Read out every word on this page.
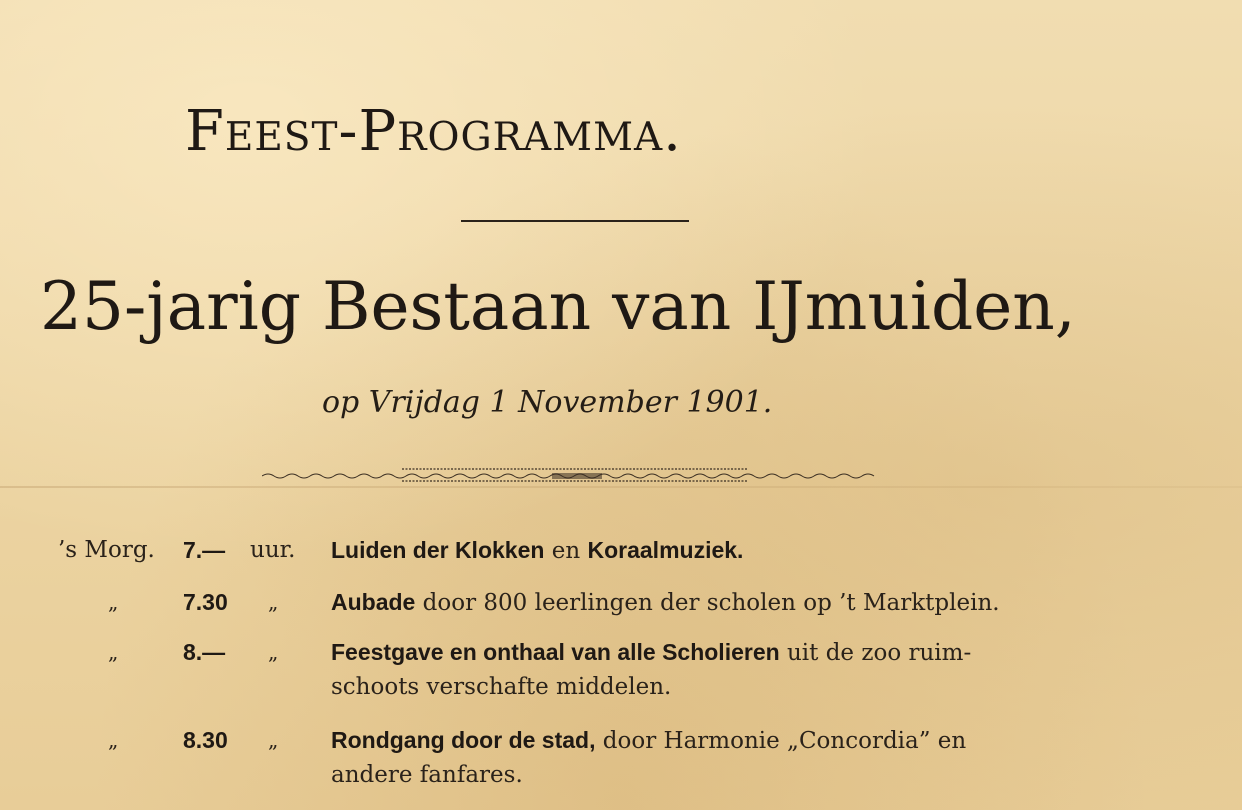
Feest-Programma.
25-jarig Bestaan van IJmuiden,
op Vrijdag 1 November 1901.
’s Morg. 7.— uur. Luiden der Klokken en Koraalmuziek.
„	7.30 „ Aubade door 800 leerlingen der scholen op ’t Marktplein.
„	8.— „ Feestgave en onthaal van alle Scholieren uit de zoo ruim-
schoots verschafte middelen.
„	8.30 „ Rondgang door de stad, door Harmonie „Concordia” en
andere fanfares.
